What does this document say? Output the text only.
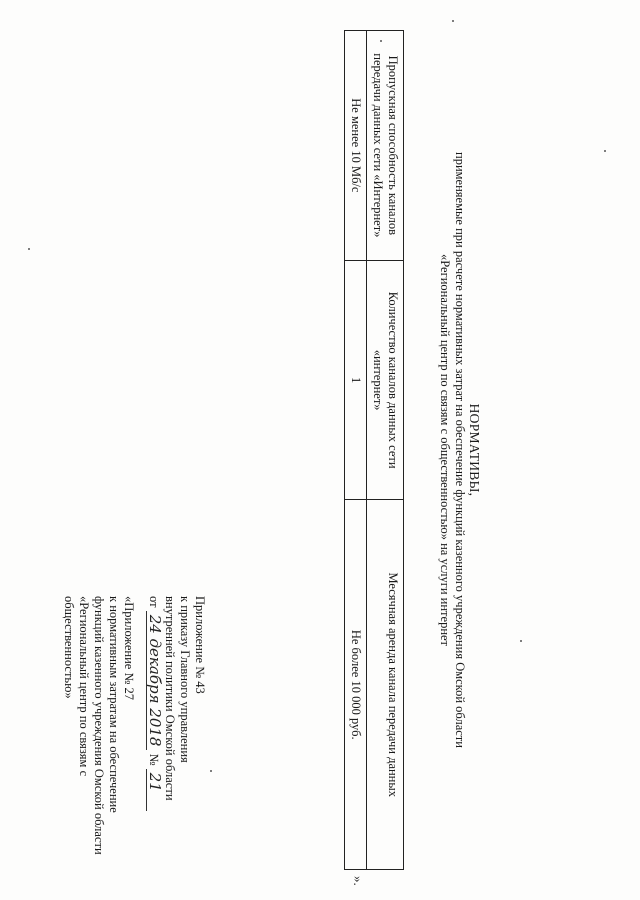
Приложение № 43
к приказу Главного управления
внутренней политики Омской области
от 24 декабря 2018 № 21
«Приложение № 27
к нормативным затратам на обеспечение
функций казенного учреждения Омской области
«Региональный центр по связям с
общественностью»
НОРМАТИВЫ,
применяемые при расчете нормативных затрат на обеспечение функций казенного учреждения Омской области
«Региональный центр по связям с общественностью» на услуги интернет
Пропускная способность каналов передачи данных сети «Интернет»	Количество каналов данных сети «интернет»	Месячная аренда канала передачи данных
Не менее 10 Мб/с	1	Не более 10 000 руб.
».
